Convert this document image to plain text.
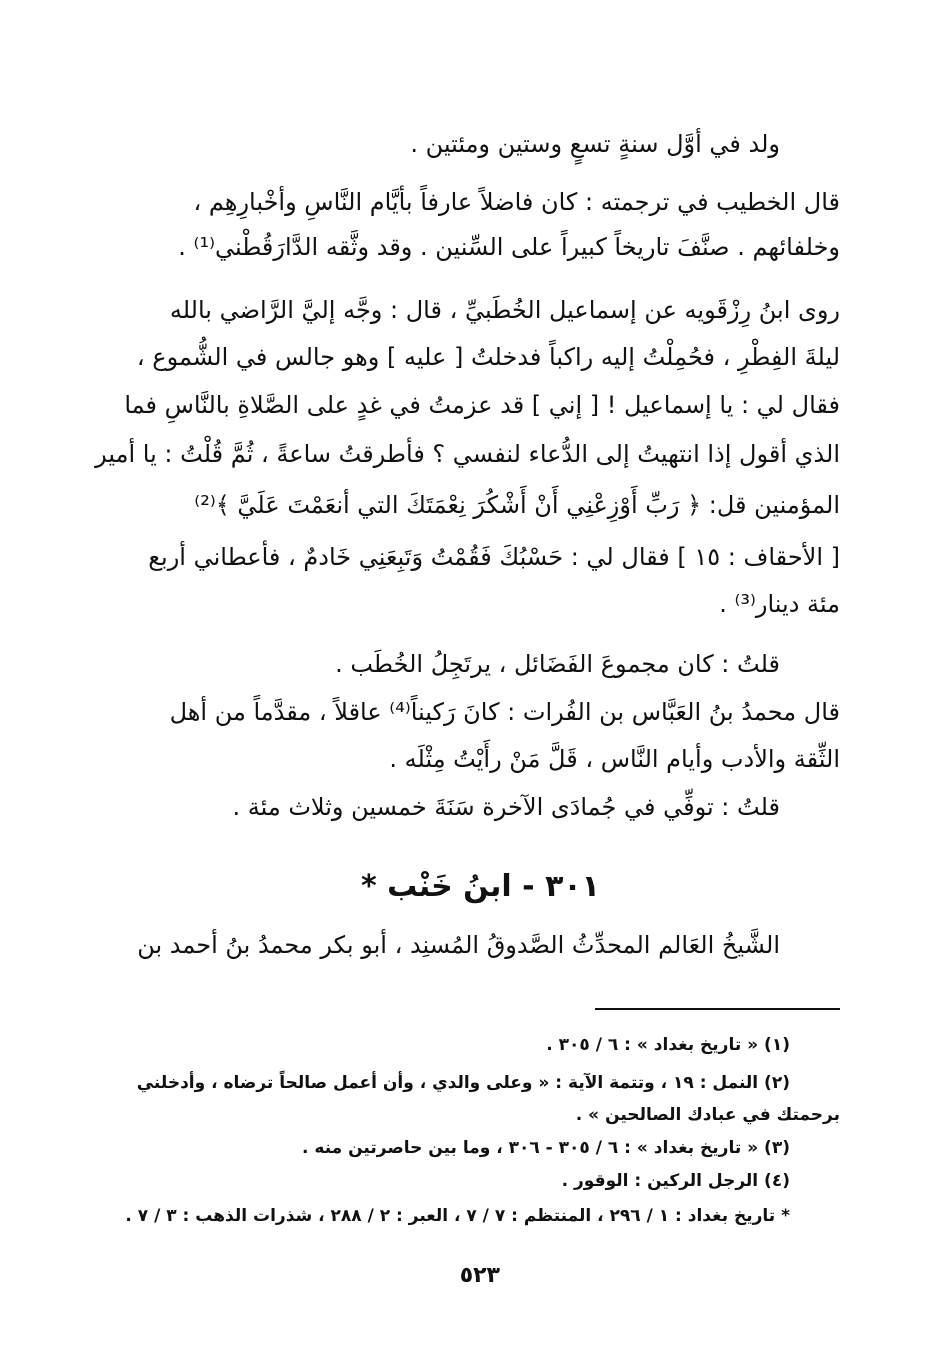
ولد في أوَّل سنةٍ تسعٍ وستين ومئتين .
قال الخطيب في ترجمته : كان فاضلاً عارفاً بأيَّام النَّاسِ وأخْبارِهِم ،
وخلفائهم . صنَّفَ تاريخاً كبيراً على السِّنين . وقد وثَّقه الدَّارَقُطْني⁽¹⁾ .
روى ابنُ رِزْقَويه عن إسماعيل الخُطَبيِّ ، قال : وجَّه إليَّ الرَّاضي بالله
ليلةَ الفِطْرِ ، فحُمِلْتُ إليه راكباً فدخلتُ [ عليه ] وهو جالس في الشُّموع ،
فقال لي : يا إسماعيل ! [ إني ] قد عزمتُ في غدٍ على الصَّلاةِ بالنَّاسِ فما
الذي أقول إذا انتهيتُ إلى الدُّعاء لنفسي ؟ فأطرقتُ ساعةً ، ثُمَّ قُلْتُ : يا أمير
المؤمنين قل: ﴿ رَبِّ أَوْزِعْنِي أَنْ أَشْكُرَ نِعْمَتَكَ التي أنعَمْتَ عَلَيَّ ﴾⁽²⁾
[ الأحقاف : ١٥ ] فقال لي : حَسْبُكَ فَقُمْتُ وَتَبِعَنِي خَادمٌ ، فأعطاني أربع
مئة دينار⁽³⁾ .
قلتُ : كان مجموعَ الفَضَائل ، يرتَجِلُ الخُطَب .
قال محمدُ بنُ العَبَّاس بن الفُرات : كانَ رَكيناً⁽⁴⁾ عاقلاً ، مقدَّماً من أهل
الثِّقة والأدب وأيام النَّاس ، قَلَّ مَنْ رأَيْتُ مِثْلَه .
قلتُ : توفِّي في جُمادَى الآخرة سَنَةَ خمسين وثلاث مئة .
٣٠١ - ابنُ خَنْب *
الشَّيخُ العَالم المحدِّثُ الصَّدوقُ المُسنِد ، أبو بكر محمدُ بنُ أحمد بن
(١) « تاريخ بغداد » : ٦ / ٣٠٥ .
(٢) النمل : ١٩ ، وتتمة الآية : « وعلى والدي ، وأن أعمل صالحاً ترضاه ، وأدخلني
برحمتك في عبادك الصالحين » .
(٣) « تاريخ بغداد » : ٦ / ٣٠٥ - ٣٠٦ ، وما بين حاصرتين منه .
(٤) الرجل الركين : الوقور .
* تاريخ بغداد : ١ / ٢٩٦ ، المنتظم : ٧ / ٧ ، العبر : ٢ / ٢٨٨ ، شذرات الذهب : ٣ / ٧ .
٥٢٣
